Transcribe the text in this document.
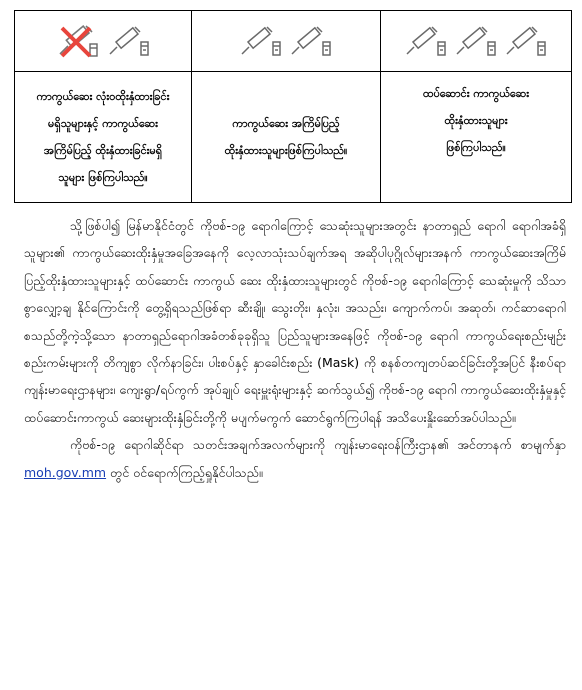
ကာကွယ်ဆေး လုံးဝထိုးနှံထားခြင်း
မရှိသူများနှင့် ကာကွယ်ဆေး
အကြိမ်ပြည့် ထိုးနှံထားခြင်းမရှိ
သူများ ဖြစ်ကြပါသည်။

ကာကွယ်ဆေး အကြိမ်ပြည့်
ထိုးနှံထားသူများဖြစ်ကြပါသည်။

ထပ်ဆောင်း ကာကွယ်ဆေး
ထိုးနှံထားသူများ
ဖြစ်ကြပါသည်။

သို့ဖြစ်ပါ၍ မြန်မာနိုင်ငံတွင် ကိုဗစ်-၁၉ ရောဂါကြောင့် သေဆုံးသူများအတွင်း နာတာရှည် ရောဂါ ရောဂါအခံရှိသူများ၏ ကာကွယ်ဆေးထိုးနှံမှုအခြေအနေကို လေ့လာသုံးသပ်ချက်အရ အဆိုပါပုဂ္ဂိုလ်များအနက် ကာကွယ်ဆေးအကြိမ်ပြည့်ထိုးနှံထားသူများနှင့် ထပ်ဆောင်း ကာကွယ် ဆေး ထိုးနှံထားသူများတွင် ကိုဗစ်-၁၉ ရောဂါကြောင့် သေဆုံးမှုကို သိသာစွာလျှော့ချ နိုင်ကြောင်းကို တွေ့ရှိရသည်ဖြစ်ရာ ဆီးချို၊ သွေးတိုး၊ နှလုံး၊ အသည်း၊ ကျောက်ကပ်၊ အဆုတ်၊ ကင်ဆာရောဂါ စသည်တို့ကဲ့သို့သော နာတာရှည်ရောဂါအခံတစ်ခုခုရှိသူ ပြည်သူများအနေဖြင့် ကိုဗစ်-၁၉ ရောဂါ ကာကွယ်ရေးစည်းမျဉ်းစည်းကမ်းများကို တိကျစွာ လိုက်နာခြင်း၊ ပါးစပ်နှင့် နှာခေါင်းစည်း (Mask) ကို စနစ်တကျတပ်ဆင်ခြင်းတို့အပြင် နီးစပ်ရာ ကျန်းမာရေးဌာနများ၊ ကျေးရွာ/ရပ်ကွက် အုပ်ချုပ် ရေးမှူးရုံးများနှင့် ဆက်သွယ်၍ ကိုဗစ်-၁၉ ရောဂါ ကာကွယ်ဆေးထိုးနှံမှုနှင့် ထပ်ဆောင်းကာကွယ် ဆေးများထိုးနှံခြင်းတို့ကို မပျက်မကွက် ဆောင်ရွက်ကြပါရန် အသိပေးနှိုးဆော်အပ်ပါသည်။

ကိုဗစ်-၁၉ ရောဂါဆိုင်ရာ သတင်းအချက်အလက်များကို ကျန်းမာရေးဝန်ကြီးဌာန၏ အင်တာနက် စာမျက်နှာ moh.gov.mm တွင် ဝင်ရောက်ကြည့်ရှုနိုင်ပါသည်။
